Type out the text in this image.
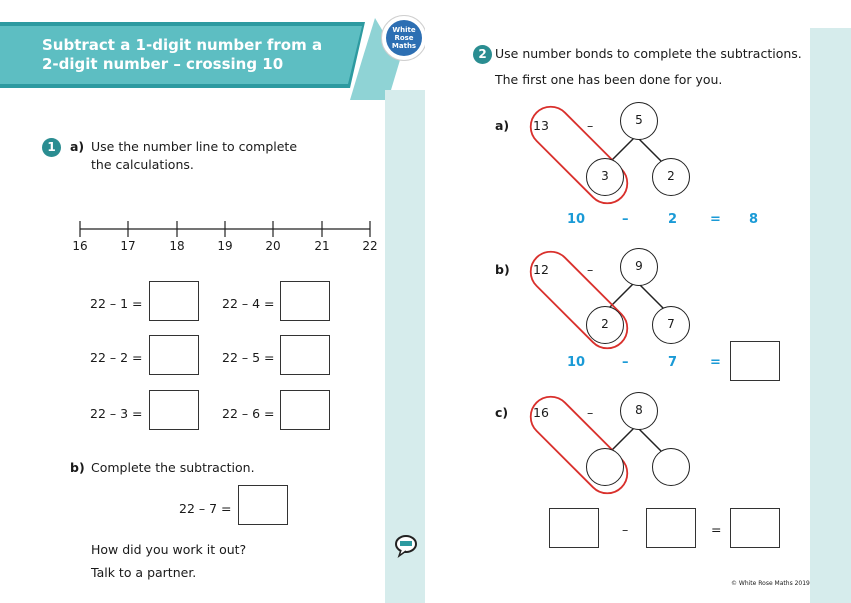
Subtract a 1-digit number from a
2-digit number – crossing 10
1	a) Use the number line to complete
the calculations.
16	17	18	19	20	21	22
22 – 1 =	22 – 4 =
22 – 2 =	22 – 5 =
22 – 3 =	22 – 6 =
b) Complete the subtraction.
22 – 7 =
How did you work it out?
Talk to a partner.
White
Rose
Maths
2 Use number bonds to complete the subtractions.
The first one has been done for you.
a) 13	–	5
3	2
10	–	2	= 8
b) 12	–	9
2	7
10	–	7	=
c) 16	–	8
–	=
© White Rose Maths 2019
